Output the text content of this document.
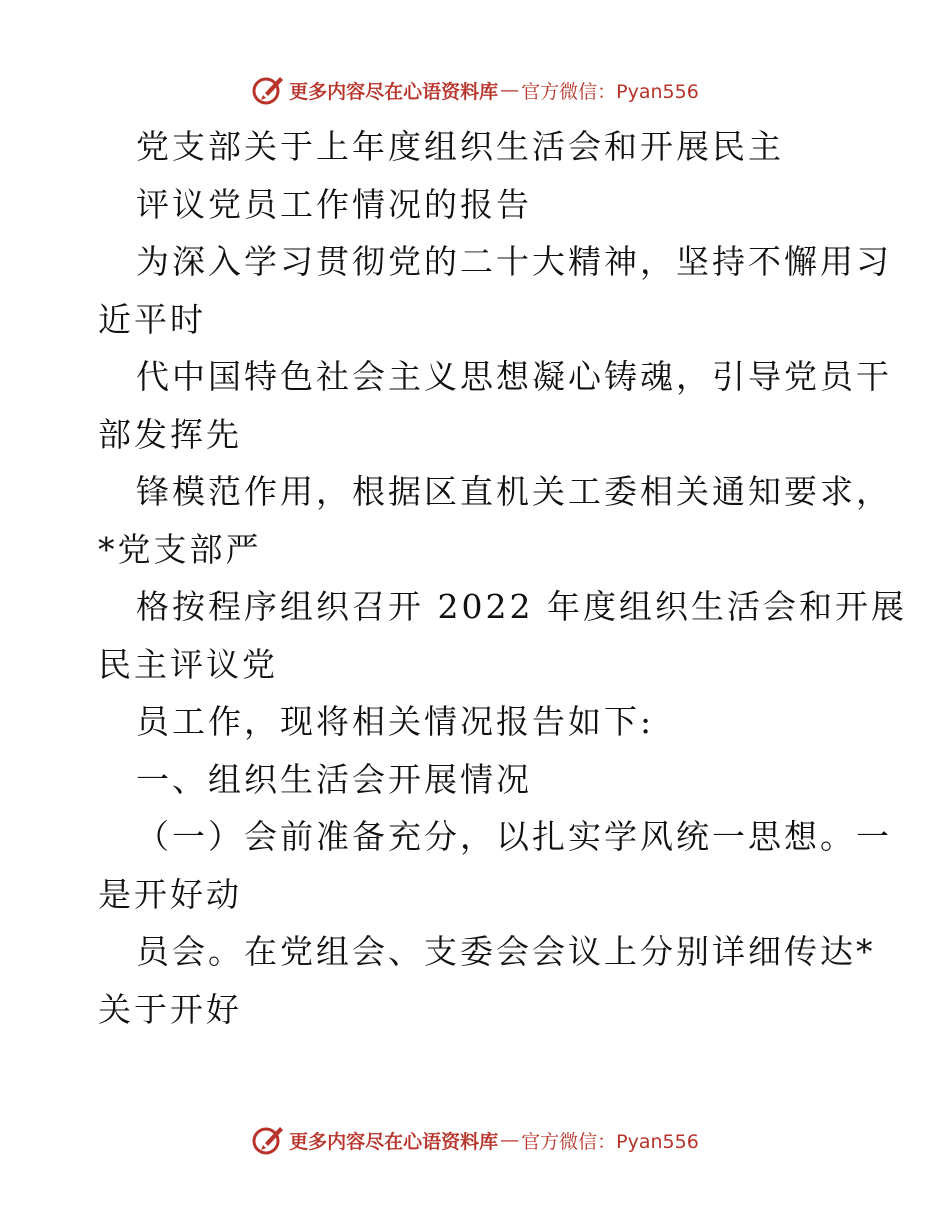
更多内容尽在心语资料库 — 官方微信：Pyan556
党支部关于上年度组织生活会和开展民主
评议党员工作情况的报告
为深入学习贯彻党的二十大精神，坚持不懈用习
近平时
代中国特色社会主义思想凝心铸魂，引导党员干
部发挥先
锋模范作用，根据区直机关工委相关通知要求，
*党支部严
格按程序组织召开 2022 年度组织生活会和开展
民主评议党
员工作，现将相关情况报告如下:
一、组织生活会开展情况
（一）会前准备充分，以扎实学风统一思想。一
是开好动
员会。在党组会、支委会会议上分别详细传达*
关于开好
更多内容尽在心语资料库 — 官方微信：Pyan556
